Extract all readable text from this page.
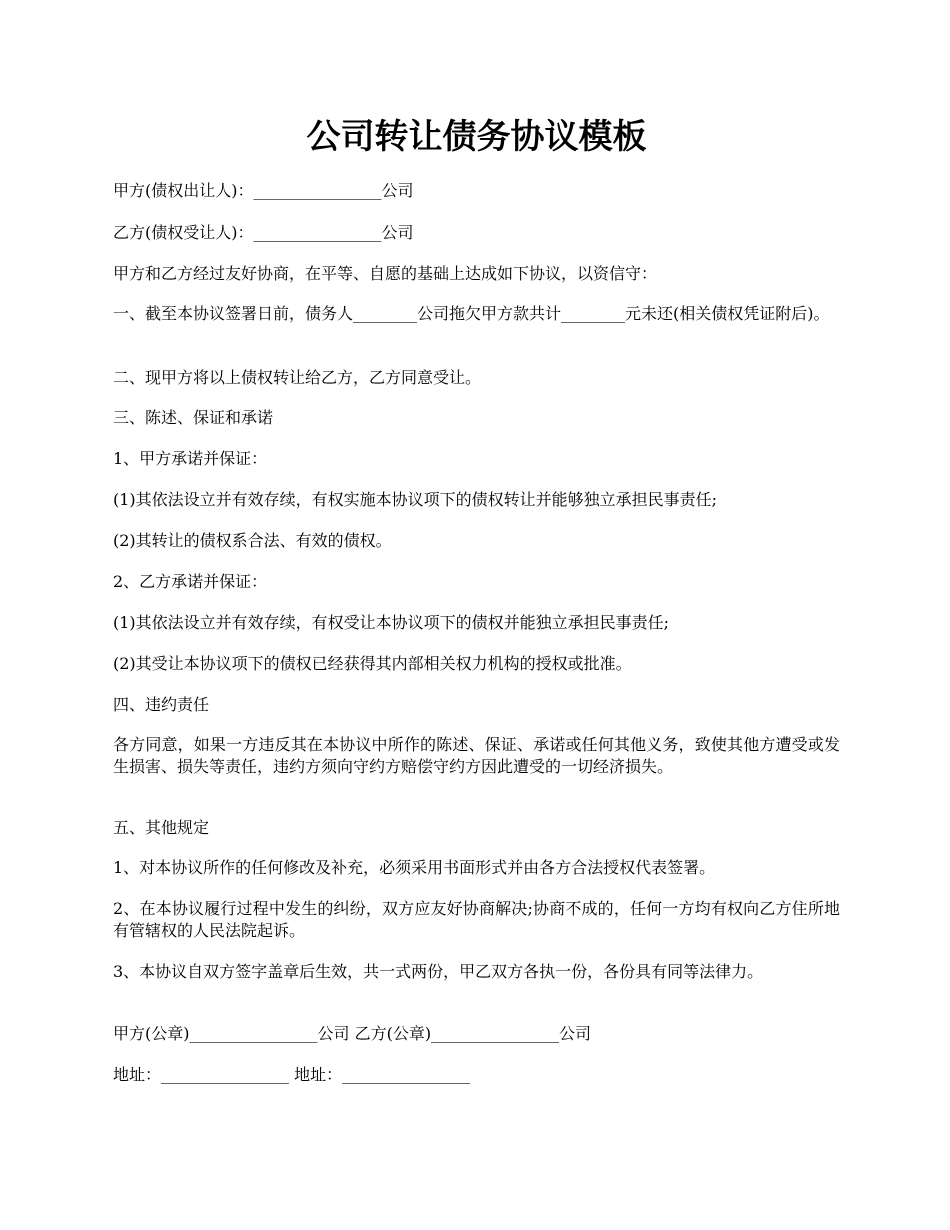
公司转让债务协议模板
甲方(债权出让人)：________________公司
乙方(债权受让人)：________________公司
甲方和乙方经过友好协商，在平等、自愿的基础上达成如下协议，以资信守：
一、截至本协议签署日前，债务人________公司拖欠甲方款共计________元未还(相关债权凭证附后)。
二、现甲方将以上债权转让给乙方，乙方同意受让。
三、陈述、保证和承诺
1、甲方承诺并保证：
(1)其依法设立并有效存续，有权实施本协议项下的债权转让并能够独立承担民事责任;
(2)其转让的债权系合法、有效的债权。
2、乙方承诺并保证：
(1)其依法设立并有效存续，有权受让本协议项下的债权并能独立承担民事责任;
(2)其受让本协议项下的债权已经获得其内部相关权力机构的授权或批准。
四、违约责任
各方同意，如果一方违反其在本协议中所作的陈述、保证、承诺或任何其他义务，致使其他方遭受或发生损害、损失等责任，违约方须向守约方赔偿守约方因此遭受的一切经济损失。
五、其他规定
1、对本协议所作的任何修改及补充，必须采用书面形式并由各方合法授权代表签署。
2、在本协议履行过程中发生的纠纷，双方应友好协商解决;协商不成的，任何一方均有权向乙方住所地有管辖权的人民法院起诉。
3、本协议自双方签字盖章后生效，共一式两份，甲乙双方各执一份，各份具有同等法律力。
甲方(公章)________________公司 乙方(公章)________________公司
地址：________________ 地址：________________
